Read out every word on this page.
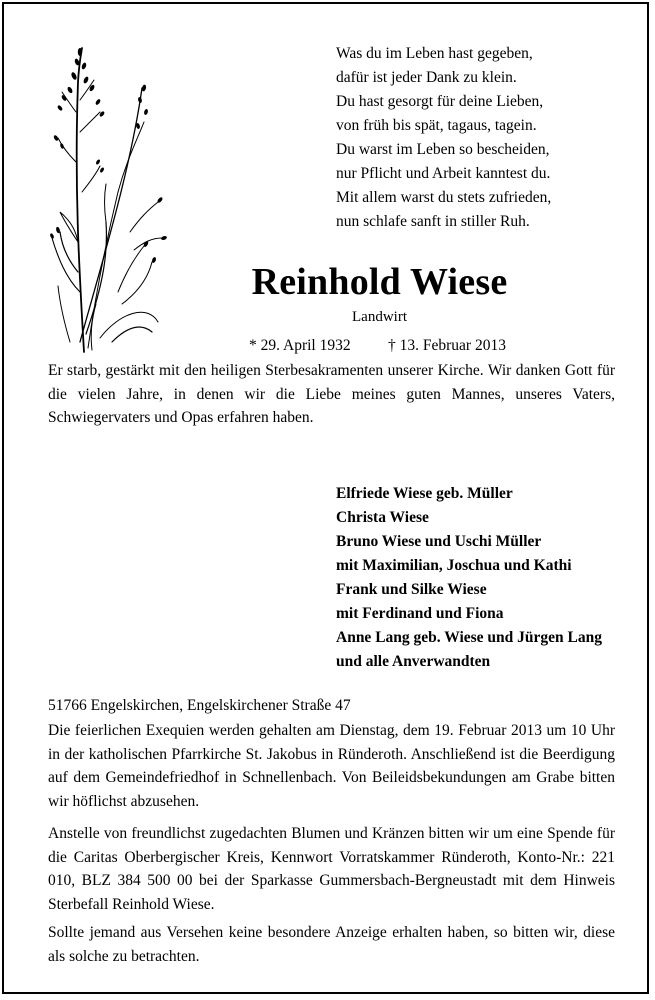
Was du im Leben hast gegeben,
dafür ist jeder Dank zu klein.
Du hast gesorgt für deine Lieben,
von früh bis spät, tagaus, tagein.
Du warst im Leben so bescheiden,
nur Pflicht und Arbeit kanntest du.
Mit allem warst du stets zufrieden,
nun schlafe sanft in stiller Ruh.
Reinhold Wiese
Landwirt
* 29. April 1932 † 13. Februar 2013
Er starb, gestärkt mit den heiligen Sterbesakramenten unserer Kirche. Wir danken Gott für die vielen Jahre, in denen wir die Liebe meines guten Mannes, unseres Vaters, Schwiegervaters und Opas erfahren haben.
Elfriede Wiese geb. Müller
Christa Wiese
Bruno Wiese und Uschi Müller
mit Maximilian, Joschua und Kathi
Frank und Silke Wiese
mit Ferdinand und Fiona
Anne Lang geb. Wiese und Jürgen Lang
und alle Anverwandten
51766 Engelskirchen, Engelskirchener Straße 47
Die feierlichen Exequien werden gehalten am Dienstag, dem 19. Februar 2013 um 10 Uhr in der katholischen Pfarrkirche St. Jakobus in Ründeroth. Anschließend ist die Beerdigung auf dem Gemeindefriedhof in Schnellenbach. Von Beileidsbekundungen am Grabe bitten wir höflichst abzusehen.
Anstelle von freundlichst zugedachten Blumen und Kränzen bitten wir um eine Spende für die Caritas Oberbergischer Kreis, Kennwort Vorratskammer Ründeroth, Konto-Nr.: 221 010, BLZ 384 500 00 bei der Sparkasse Gummersbach-Bergneustadt mit dem Hinweis Sterbefall Reinhold Wiese.
Sollte jemand aus Versehen keine besondere Anzeige erhalten haben, so bitten wir, diese als solche zu betrachten.
